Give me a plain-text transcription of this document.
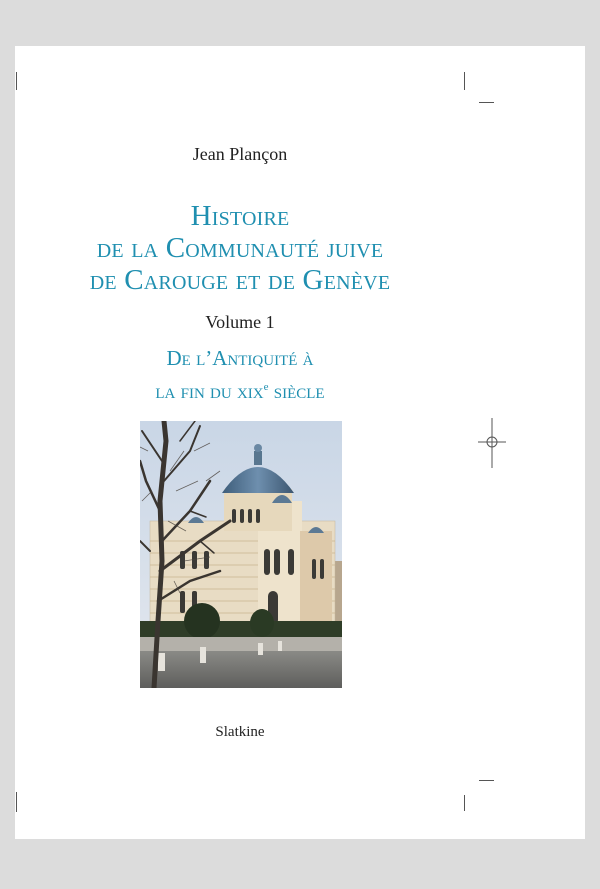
Jean Plançon
Histoire
de la Communauté juive
de Carouge et de Genève
Volume 1
De l’Antiquité à
la fin du xix$^e$ siècle
Slatkine
